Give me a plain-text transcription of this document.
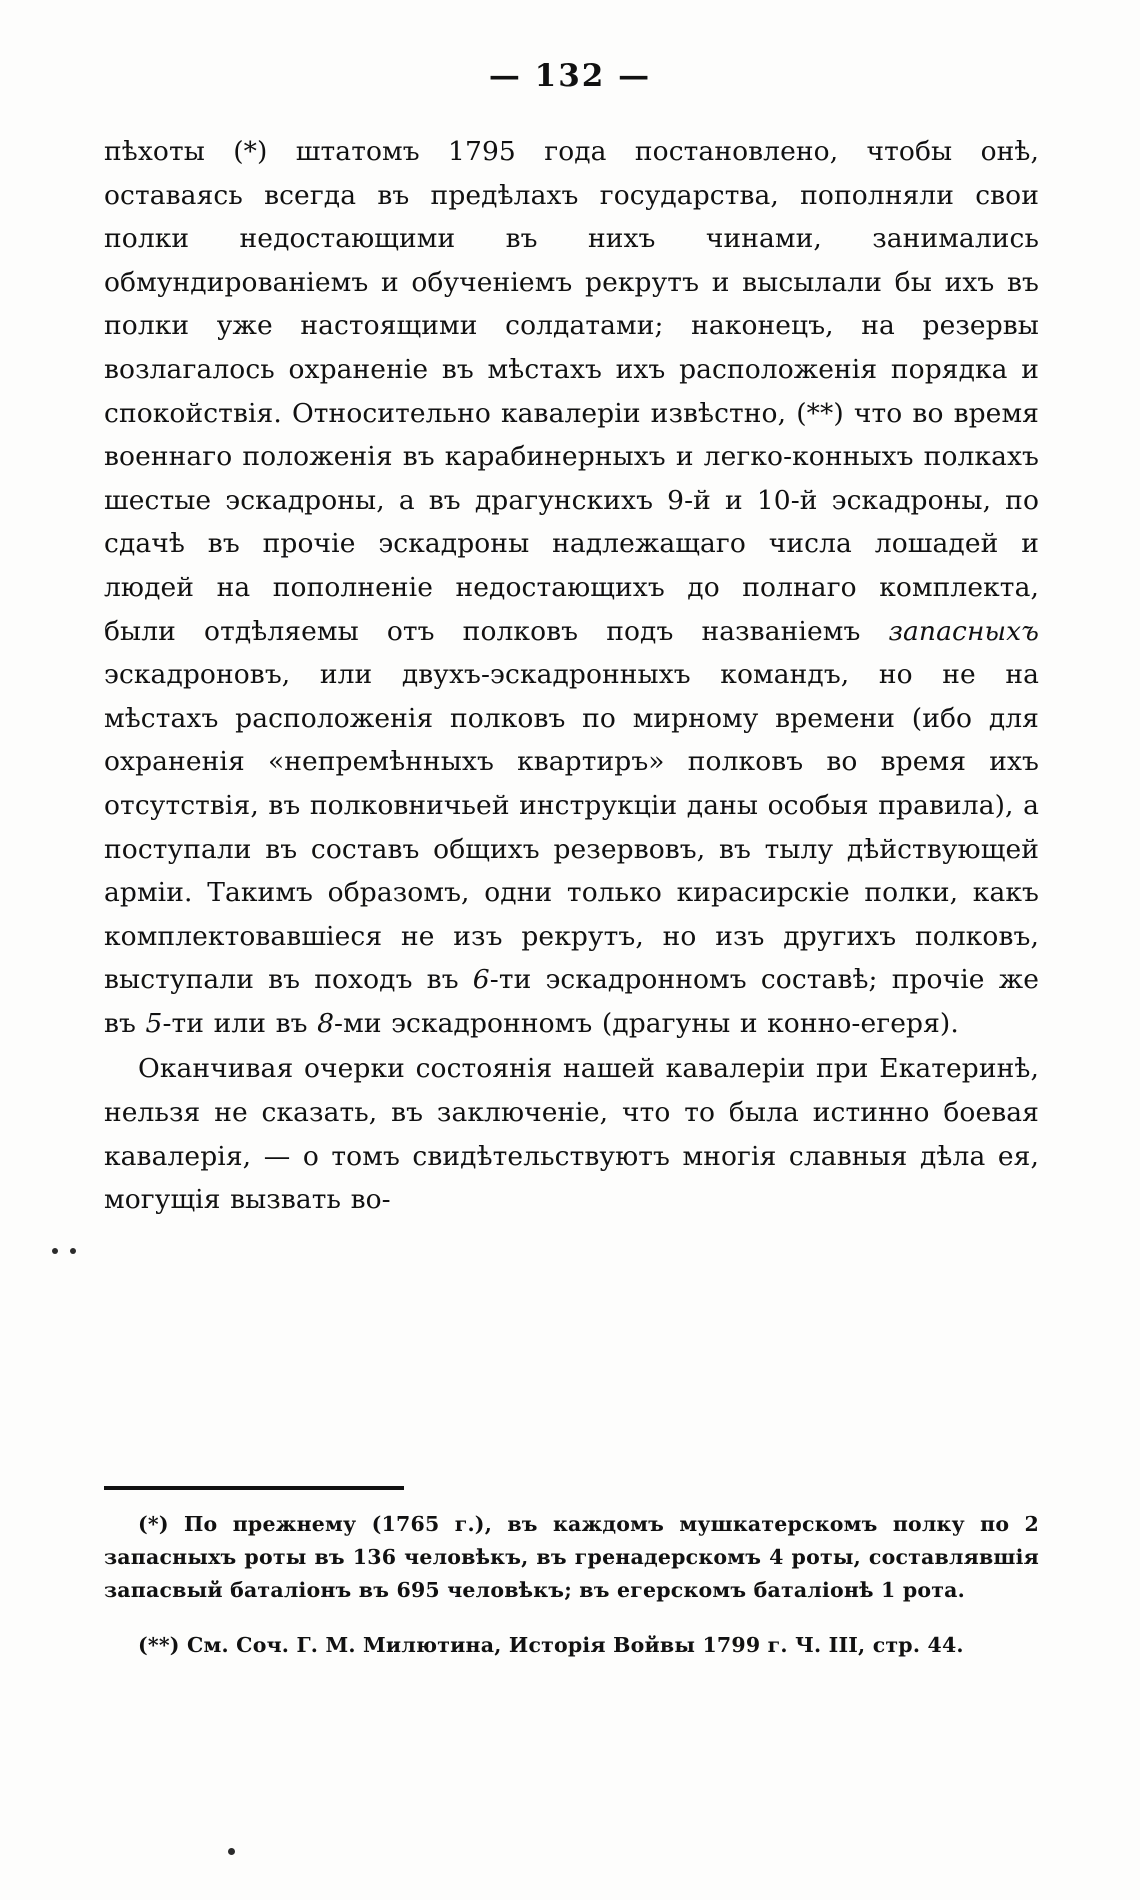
— 132 —

пѣхоты (*) штатомъ 1795 года постановлено, чтобы онѣ, оставаясь всегда въ предѣлахъ государства, пополняли свои полки недостающими въ нихъ чинами, занимались обмундированіемъ и обученіемъ рекрутъ и высылали бы ихъ въ полки уже настоящими солдатами; наконецъ, на резервы возлагалось охраненіе въ мѣстахъ ихъ расположенія порядка и спокойствія. Относительно кавалеріи извѣстно, (**) что во время военнаго положенія въ карабинерныхъ и легко-конныхъ полкахъ шестые эскадроны, а въ драгунскихъ 9-й и 10-й эскадроны, по сдачѣ въ прочіе эскадроны надлежащаго числа лошадей и людей на пополненіе недостающихъ до полнаго комплекта, были отдѣляемы отъ полковъ подъ названіемъ запасныхъ эскадроновъ, или двухъ-эскадронныхъ командъ, но не на мѣстахъ расположенія полковъ по мирному времени (ибо для охраненія «непремѣнныхъ квартиръ» полковъ во время ихъ отсутствія, въ полковничьей инструкціи даны особыя правила), а поступали въ составъ общихъ резервовъ, въ тылу дѣйствующей арміи. Такимъ образомъ, одни только кирасирскіе полки, какъ комплектовавшіеся не изъ рекрутъ, но изъ другихъ полковъ, выступали въ походъ въ 6-ти эскадронномъ составѣ; прочіе же въ 5-ти или въ 8-ми эскадронномъ (драгуны и конно-егеря).

Оканчивая очерки состоянія нашей кавалеріи при Екатеринѣ, нельзя не сказать, въ заключеніе, что то была истинно боевая кавалерія, — о томъ свидѣтельствуютъ многія славныя дѣла ея, могущія вызвать во-

(*) По прежнему (1765 г.), въ каждомъ мушкатерскомъ полку по 2 запасныхъ роты въ 136 человѣкъ, въ гренадерскомъ 4 роты, составлявшія запасвый баталіонъ въ 695 человѣкъ; въ егерскомъ баталіонѣ 1 рота.

(**) См. Соч. Г. М. Милютина, Исторія Войвы 1799 г. Ч. III, стр. 44.
